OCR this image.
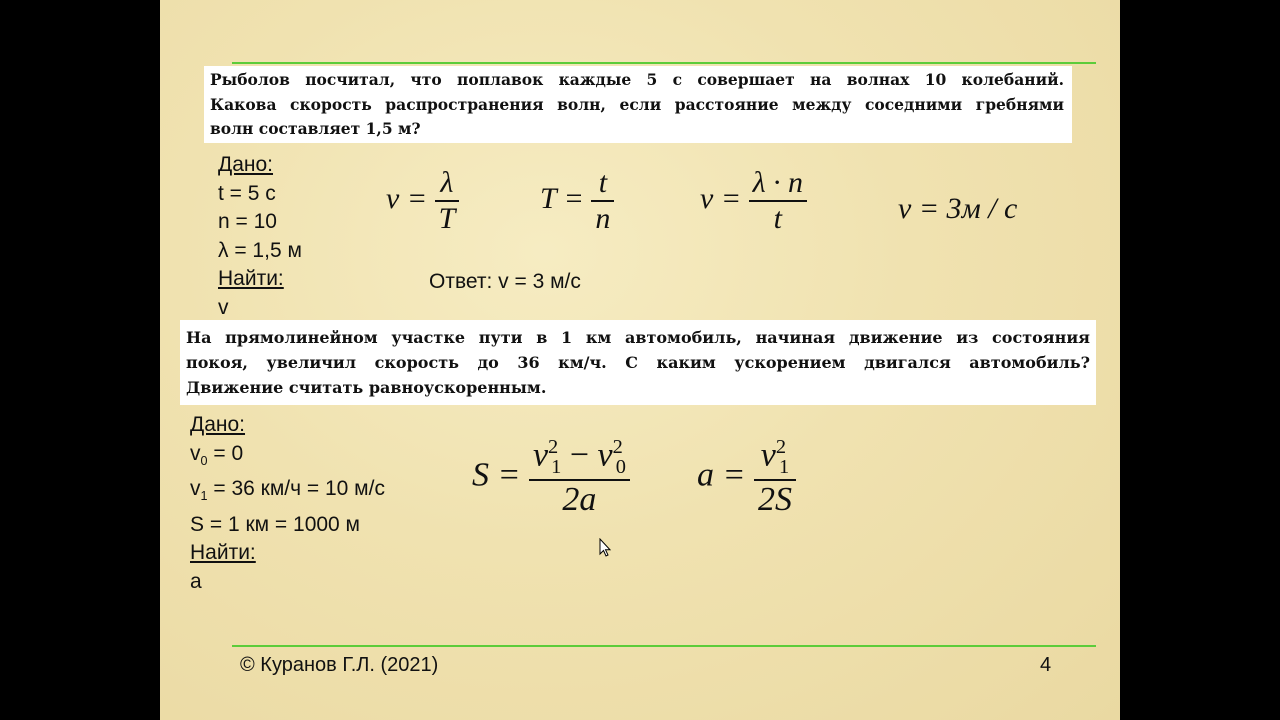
Рыболов посчитал, что поплавок каждые 5 с совершает на волнах 10 колебаний.

Какова скорость распространения волн, если расстояние между соседними гребнями

волн составляет 1,5 м?

Дано:
t = 5 с
n = 10
λ = 1,5 м
Найти:
v
$v = \frac{\lambda}{T}$	$T = \frac{t}{n}$	$v = \frac{\lambda \cdot n}{t}$	v = 3м / с
Ответ: v = 3 м/с

На прямолинейном участке пути в 1 км автомобиль, начиная движение из состояния

покоя, увеличил скорость до 36 км/ч. С каким ускорением двигался автомобиль?

Движение считать равноускоренным.

Дано:
$v_0 = 0$
$v_1 = 36$ км/ч = 10 м/с
S = 1 км = 1000 м
Найти:
a
$S = \frac{v^2_1 - v^2_0}{2a}$ $a = \frac{v^2_1}{2S}$
© Куранов Г.Л. (2021)	4
